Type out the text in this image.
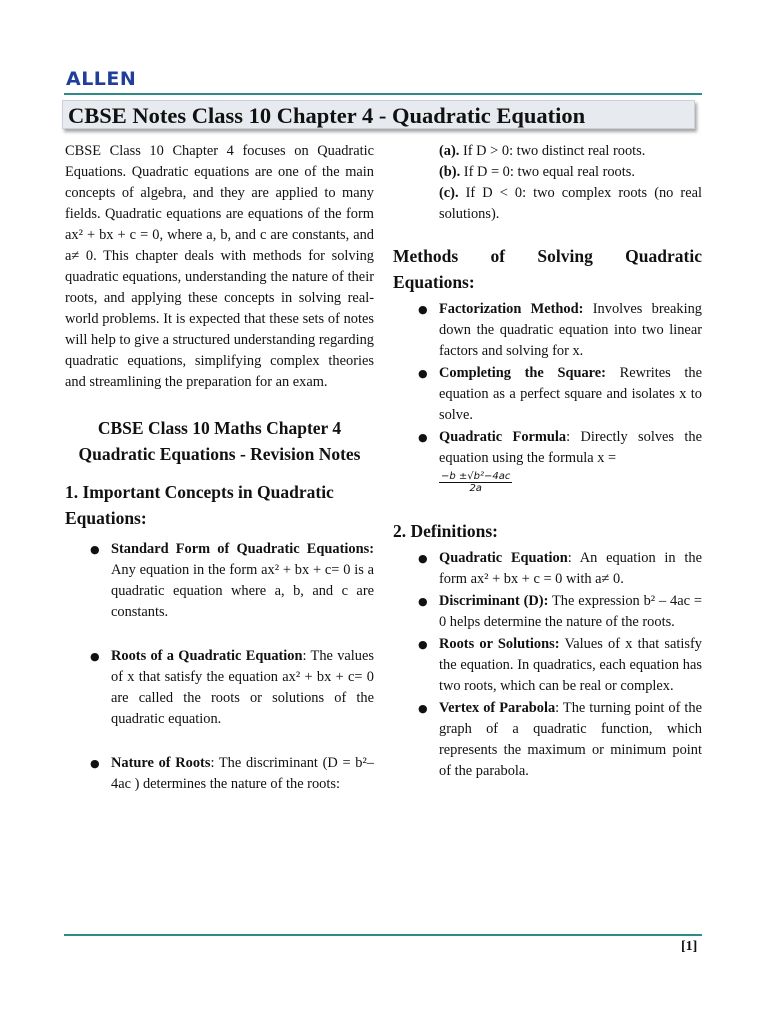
ALLEN
CBSE Notes Class 10 Chapter 4 - Quadratic Equation

CBSE Class 10 Chapter 4 focuses on Quadratic Equations. Quadratic equations are one of the main concepts of algebra, and they are applied to many fields. Quadratic equations are equations of the form ax² + bx + c = 0, where a, b, and c are constants, and a≠ 0. This chapter deals with methods for solving quadratic equations, understanding the nature of their roots, and applying these concepts in solving real-world problems. It is expected that these sets of notes will help to give a structured understanding regarding quadratic equations, simplifying complex theories and streamlining the preparation for an exam.

CBSE Class 10 Maths Chapter 4 Quadratic Equations - Revision Notes

1. Important Concepts in Quadratic Equations:

● Standard Form of Quadratic Equations: Any equation in the form ax² + bx + c= 0 is a quadratic equation where a, b, and c are constants.
● Roots of a Quadratic Equation: The values of x that satisfy the equation ax² + bx + c= 0 are called the roots or solutions of the quadratic equation.
● Nature of Roots: The discriminant (D = b²– 4ac ) determines the nature of the roots:

(a). If D > 0: two distinct real roots.

(b). If D = 0: two equal real roots.

(c). If D < 0: two complex roots (no real solutions).

Methods of Solving Quadratic Equations:

● Factorization Method: Involves breaking down the quadratic equation into two linear factors and solving for x.
● Completing the Square: Rewrites the equation as a perfect square and isolates x to solve.
● Quadratic Formula: Directly solves the equation using the formula x =
$\frac{\text{−b ±√b²−4ac}}{2a}$

2. Definitions:

● Quadratic Equation: An equation in the form ax² + bx + c = 0 with a≠ 0.
● Discriminant (D): The expression b² – 4ac = 0 helps determine the nature of the roots.
● Roots or Solutions: Values of x that satisfy the equation. In quadratics, each equation has two roots, which can be real or complex.
● Vertex of Parabola: The turning point of the graph of a quadratic function, which represents the maximum or minimum point of the parabola.
[1]
